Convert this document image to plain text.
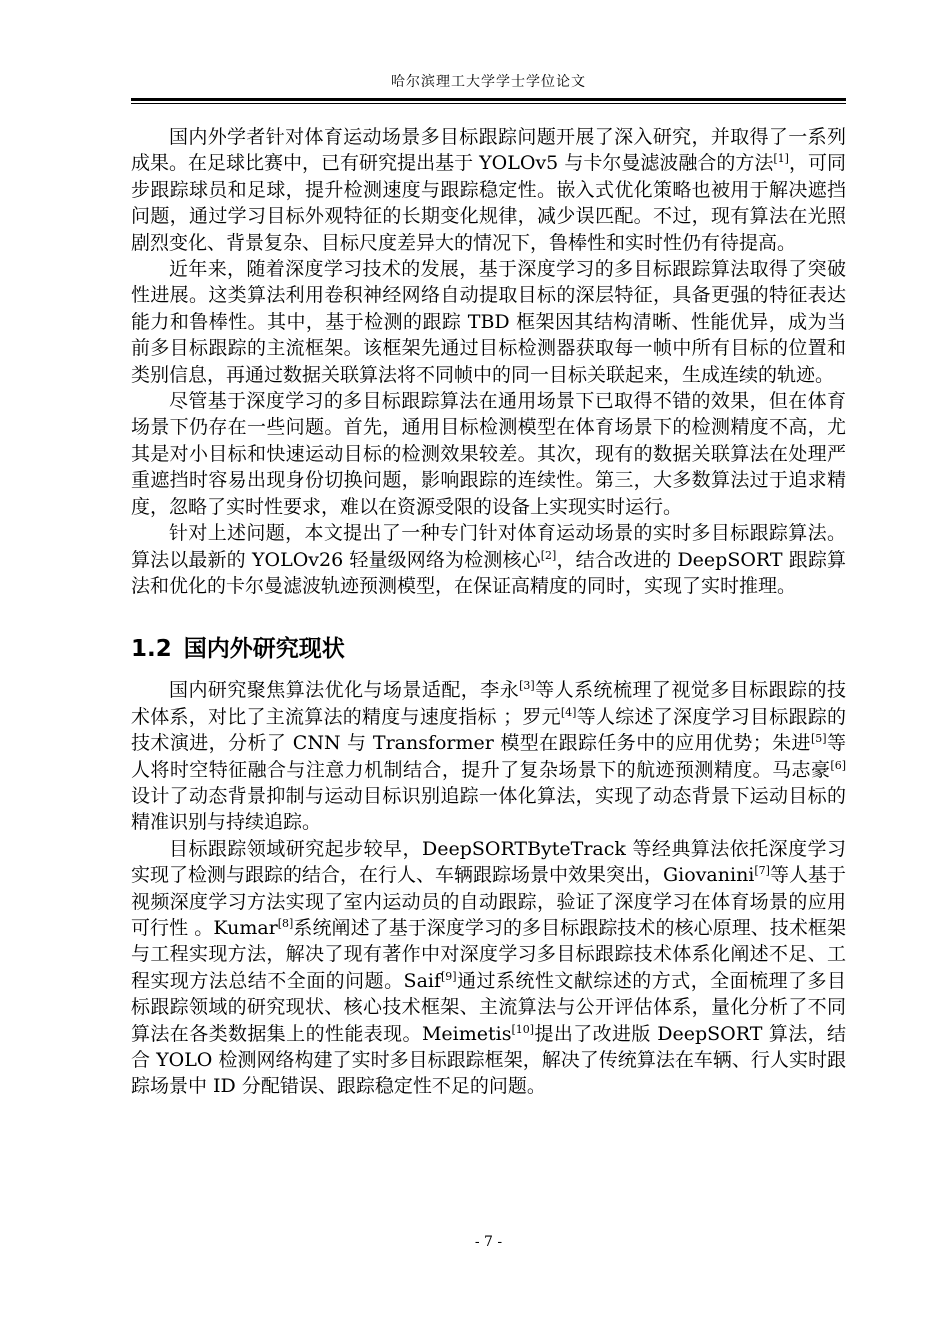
哈尔滨理工大学学士学位论文

国内外学者针对体育运动场景多目标跟踪问题开展了深入研究，并取得了一系列成果。在足球比赛中，已有研究提出基于 YOLOv5 与卡尔曼滤波融合的方法[1]，可同步跟踪球员和足球，提升检测速度与跟踪稳定性。嵌入式优化策略也被用于解决遮挡问题，通过学习目标外观特征的长期变化规律，减少误匹配。不过，现有算法在光照剧烈变化、背景复杂、目标尺度差异大的情况下，鲁棒性和实时性仍有待提高。

近年来，随着深度学习技术的发展，基于深度学习的多目标跟踪算法取得了突破性进展。这类算法利用卷积神经网络自动提取目标的深层特征，具备更强的特征表达能力和鲁棒性。其中，基于检测的跟踪 TBD 框架因其结构清晰、性能优异，成为当前多目标跟踪的主流框架。该框架先通过目标检测器获取每一帧中所有目标的位置和类别信息，再通过数据关联算法将不同帧中的同一目标关联起来，生成连续的轨迹。

尽管基于深度学习的多目标跟踪算法在通用场景下已取得不错的效果，但在体育场景下仍存在一些问题。首先，通用目标检测模型在体育场景下的检测精度不高，尤其是对小目标和快速运动目标的检测效果较差。其次，现有的数据关联算法在处理严重遮挡时容易出现身份切换问题，影响跟踪的连续性。第三，大多数算法过于追求精度，忽略了实时性要求，难以在资源受限的设备上实现实时运行。

针对上述问题，本文提出了一种专门针对体育运动场景的实时多目标跟踪算法。算法以最新的 YOLOv26 轻量级网络为检测核心[2]，结合改进的 DeepSORT 跟踪算法和优化的卡尔曼滤波轨迹预测模型，在保证高精度的同时，实现了实时推理。

1.2 国内外研究现状

国内研究聚焦算法优化与场景适配，李永[3]等人系统梳理了视觉多目标跟踪的技术体系，对比了主流算法的精度与速度指标 ；罗元[4]等人综述了深度学习目标跟踪的技术演进，分析了 CNN 与 Transformer 模型在跟踪任务中的应用优势；朱进[5]等人将时空特征融合与注意力机制结合，提升了复杂场景下的航迹预测精度。马志豪[6]设计了动态背景抑制与运动目标识别追踪一体化算法，实现了动态背景下运动目标的精准识别与持续追踪。

目标跟踪领域研究起步较早，DeepSORTByteTrack 等经典算法依托深度学习实现了检测与跟踪的结合，在行人、车辆跟踪场景中效果突出，Giovanini[7]等人基于视频深度学习方法实现了室内运动员的自动跟踪，验证了深度学习在体育场景的应用可行性 。Kumar[8]系统阐述了基于深度学习的多目标跟踪技术的核心原理、技术框架与工程实现方法，解决了现有著作中对深度学习多目标跟踪技术体系化阐述不足、工程实现方法总结不全面的问题。Saif[9]通过系统性文献综述的方式，全面梳理了多目标跟踪领域的研究现状、核心技术框架、主流算法与公开评估体系，量化分析了不同算法在各类数据集上的性能表现。Meimetis[10]提出了改进版 DeepSORT 算法，结合 YOLO 检测网络构建了实时多目标跟踪框架，解决了传统算法在车辆、行人实时跟踪场景中 ID 分配错误、跟踪稳定性不足的问题。

- 7 -
